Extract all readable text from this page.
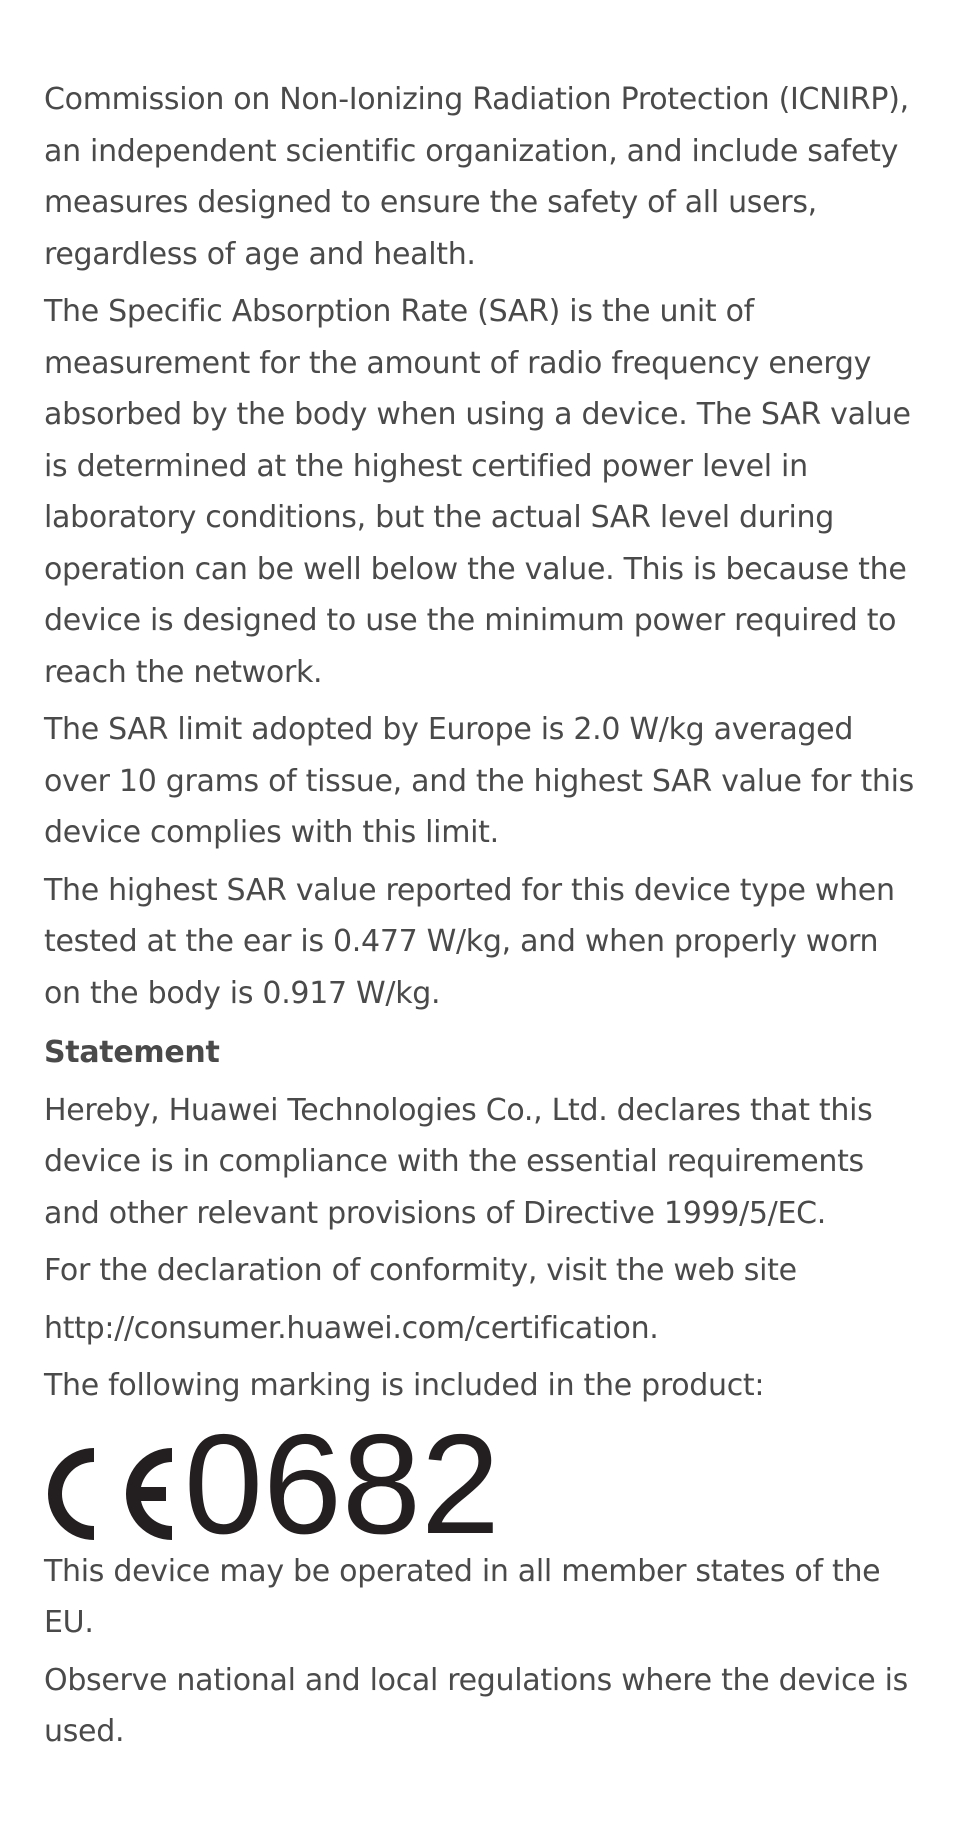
Commission on Non-Ionizing Radiation Protection (ICNIRP), an independent scientific organization, and include safety measures designed to ensure the safety of all users, regardless of age and health.

The Specific Absorption Rate (SAR) is the unit of measurement for the amount of radio frequency energy absorbed by the body when using a device. The SAR value is determined at the highest certified power level in laboratory conditions, but the actual SAR level during operation can be well below the value. This is because the device is designed to use the minimum power required to reach the network.

The SAR limit adopted by Europe is 2.0 W/kg averaged over 10 grams of tissue, and the highest SAR value for this device complies with this limit.

The highest SAR value reported for this device type when tested at the ear is 0.477 W/kg, and when properly worn on the body is 0.917 W/kg.

Statement

Hereby, Huawei Technologies Co., Ltd. declares that this device is in compliance with the essential requirements and other relevant provisions of Directive 1999/5/EC.

For the declaration of conformity, visit the web site

http://consumer.huawei.com/certification.

The following marking is included in the product:

0682

This device may be operated in all member states of the EU.

Observe national and local regulations where the device is used.
